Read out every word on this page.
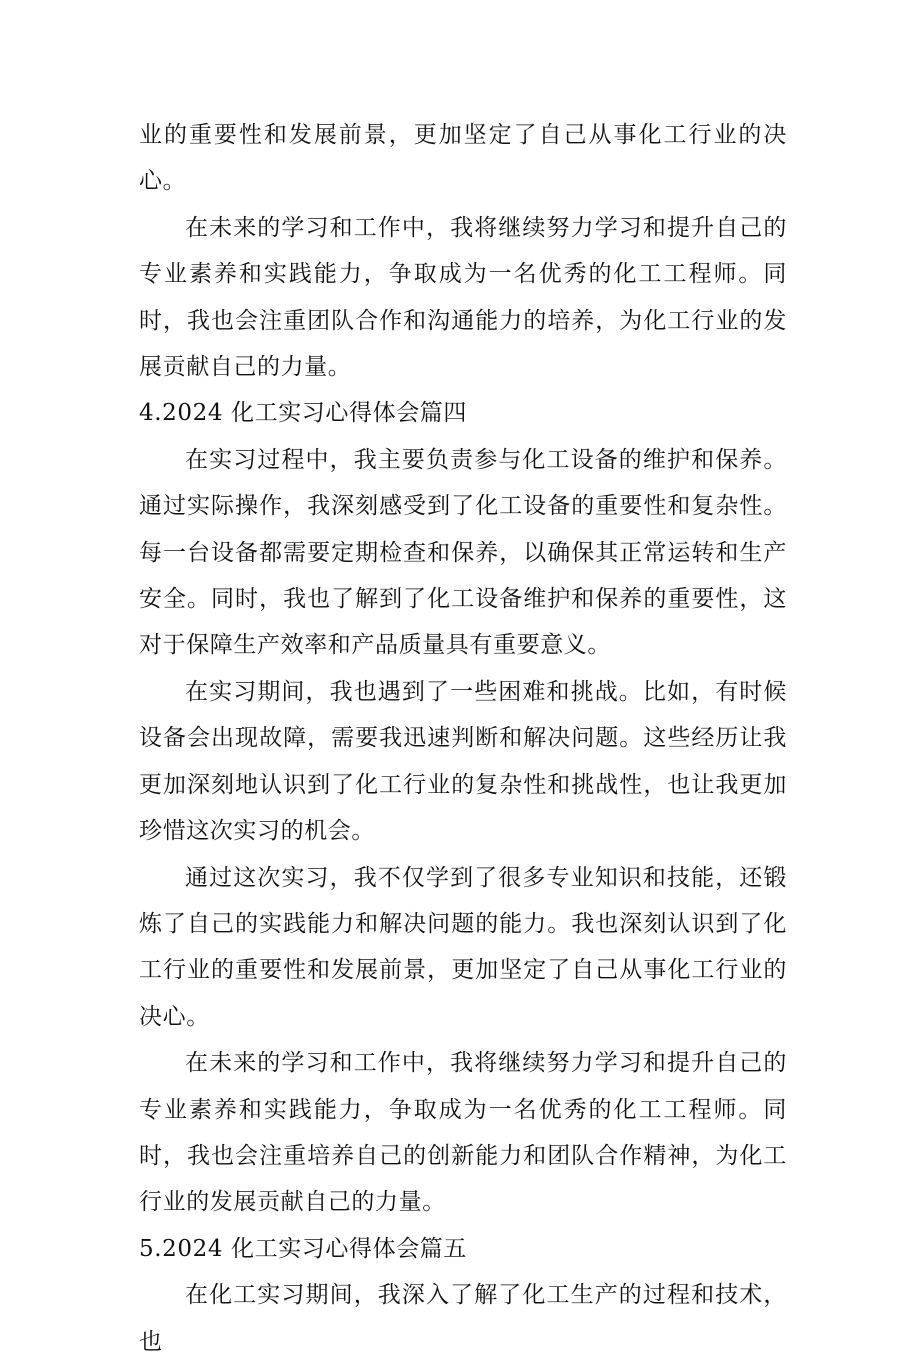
业的重要性和发展前景，更加坚定了自己从事化工行业的决心。

在未来的学习和工作中，我将继续努力学习和提升自己的专业素养和实践能力，争取成为一名优秀的化工工程师。同时，我也会注重团队合作和沟通能力的培养，为化工行业的发展贡献自己的力量。

4.2024 化工实习心得体会篇四

在实习过程中，我主要负责参与化工设备的维护和保养。通过实际操作，我深刻感受到了化工设备的重要性和复杂性。每一台设备都需要定期检查和保养，以确保其正常运转和生产安全。同时，我也了解到了化工设备维护和保养的重要性，这对于保障生产效率和产品质量具有重要意义。

在实习期间，我也遇到了一些困难和挑战。比如，有时候设备会出现故障，需要我迅速判断和解决问题。这些经历让我更加深刻地认识到了化工行业的复杂性和挑战性，也让我更加珍惜这次实习的机会。

通过这次实习，我不仅学到了很多专业知识和技能，还锻炼了自己的实践能力和解决问题的能力。我也深刻认识到了化工行业的重要性和发展前景，更加坚定了自己从事化工行业的决心。

在未来的学习和工作中，我将继续努力学习和提升自己的专业素养和实践能力，争取成为一名优秀的化工工程师。同时，我也会注重培养自己的创新能力和团队合作精神，为化工行业的发展贡献自己的力量。

5.2024 化工实习心得体会篇五

在化工实习期间，我深入了解了化工生产的过程和技术，也
